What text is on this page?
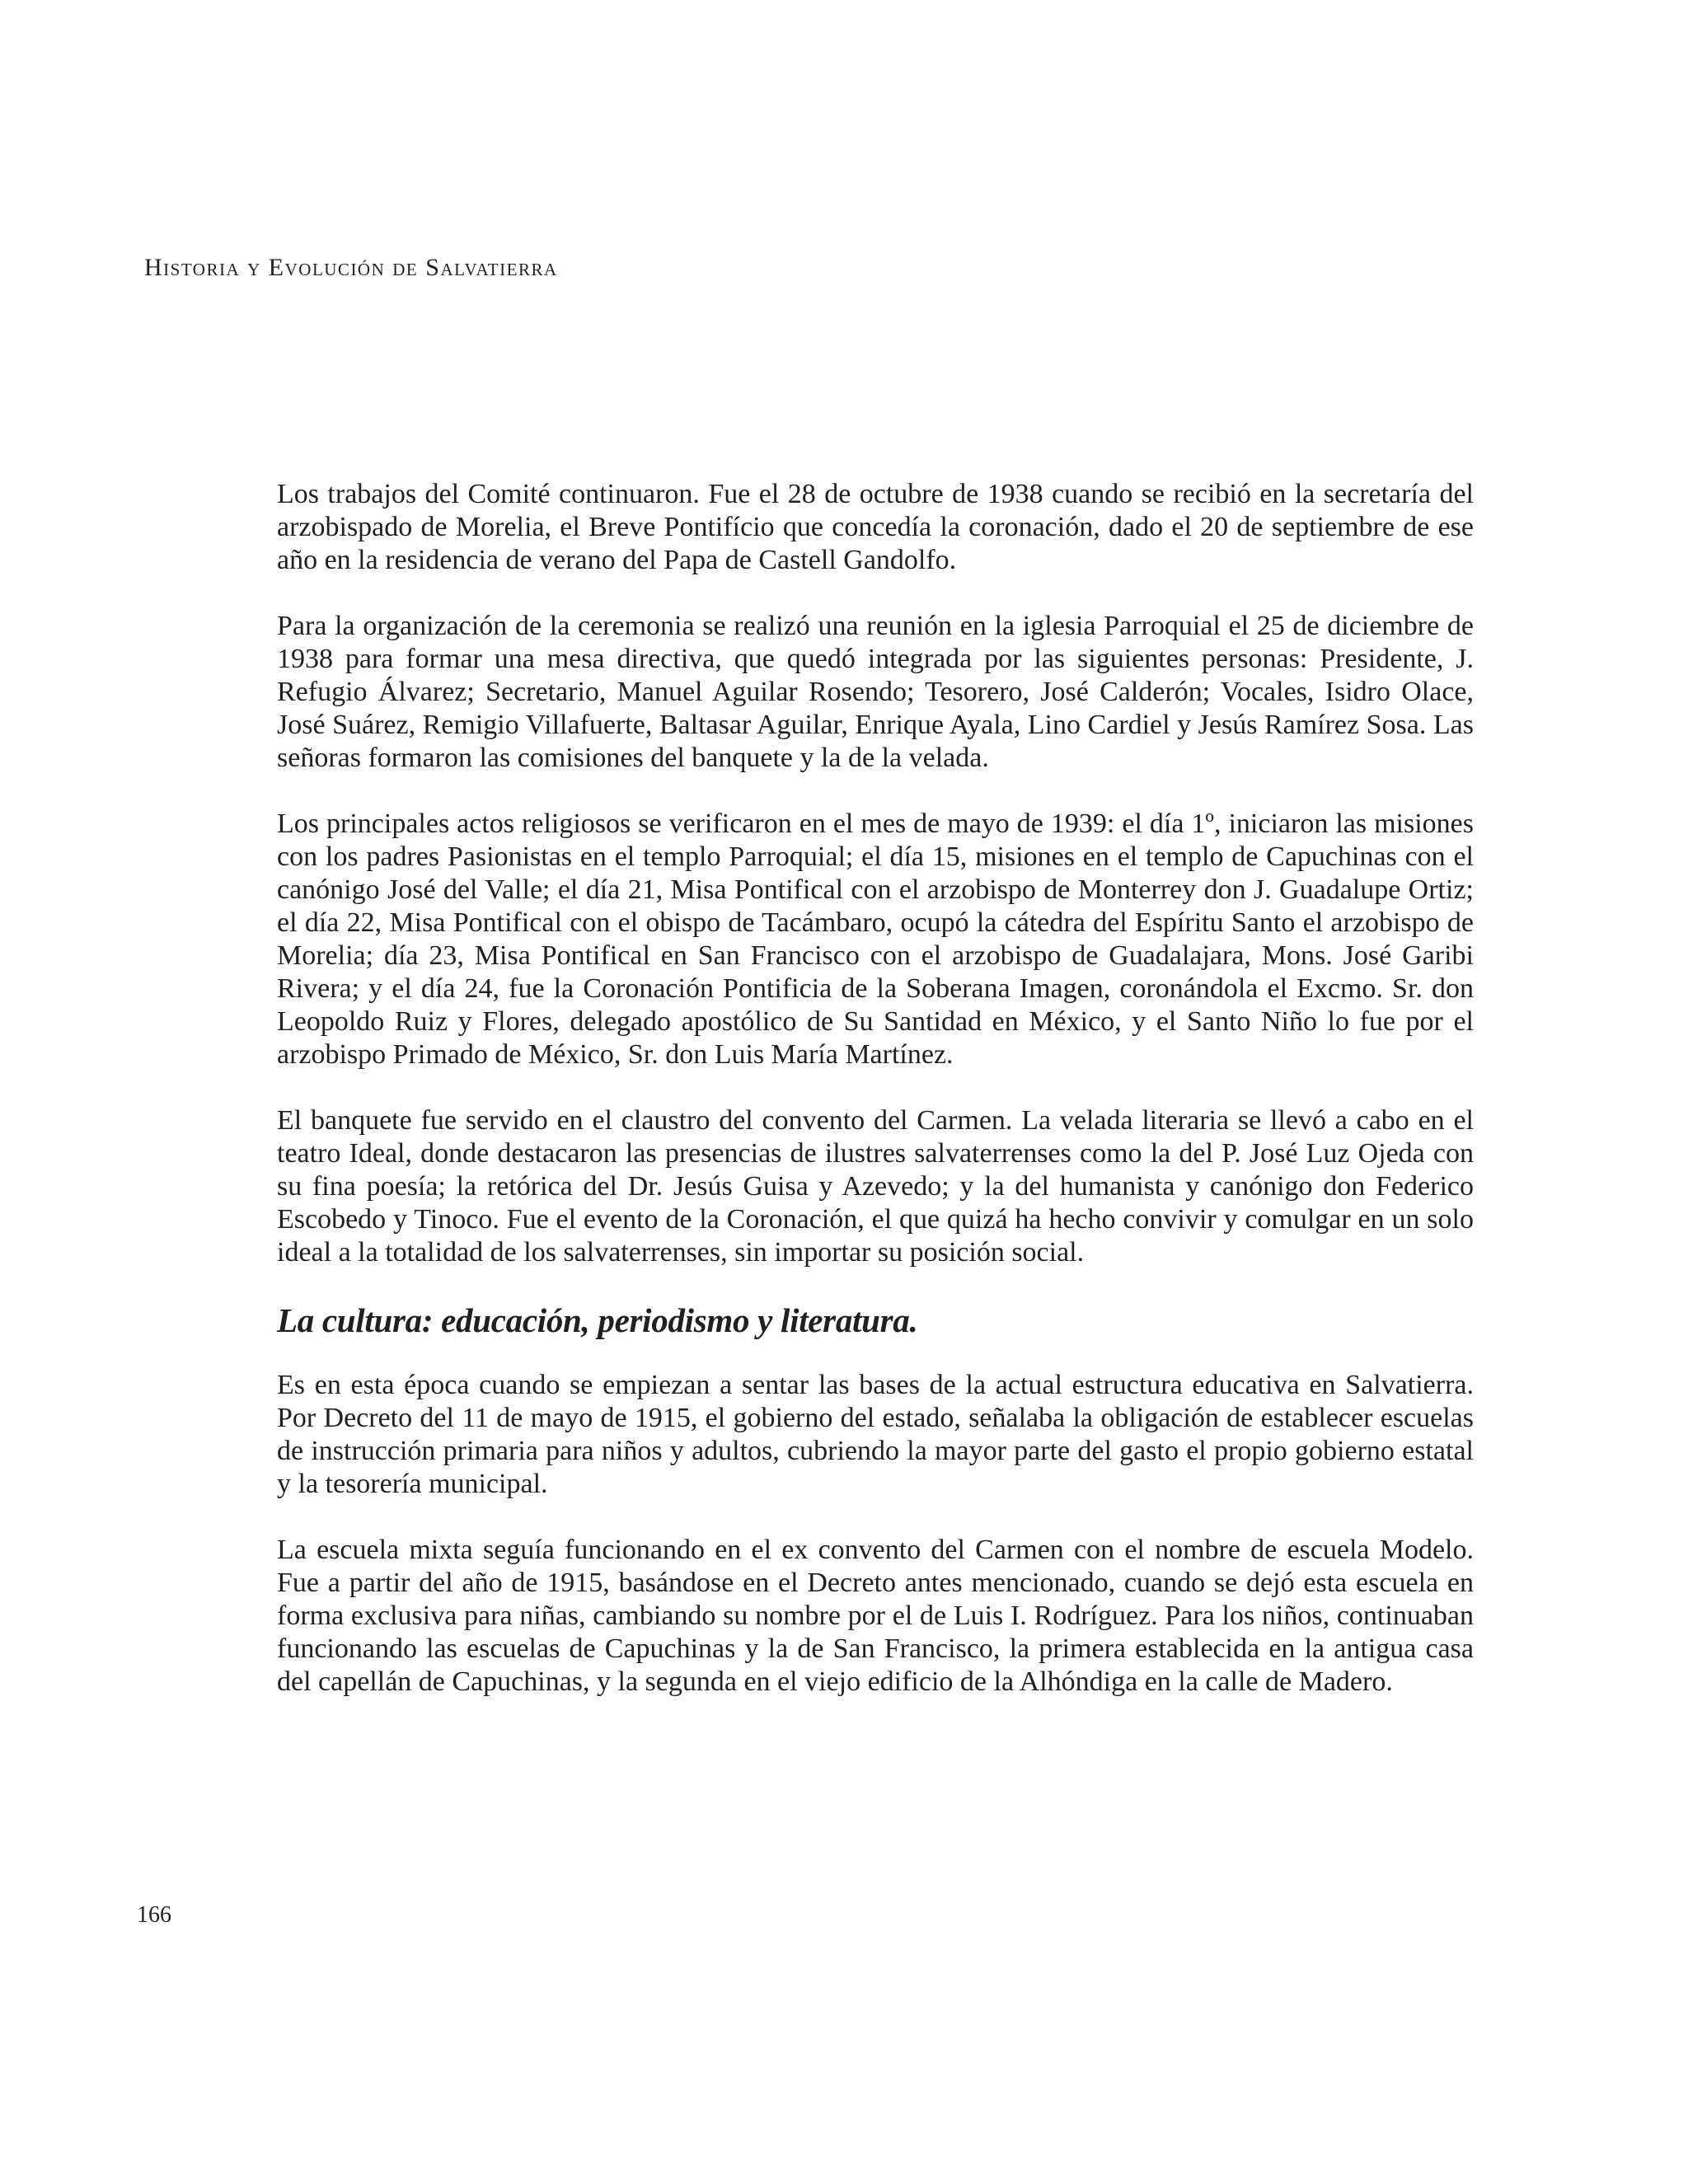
Historia y Evolución de Salvatierra

Los trabajos del Comité continuaron. Fue el 28 de octubre de 1938 cuando se recibió en la secretaría del arzobispado de Morelia, el Breve Pontifício que concedía la coronación, dado el 20 de septiembre de ese año en la residencia de verano del Papa de Castell Gandolfo.

Para la organización de la ceremonia se realizó una reunión en la iglesia Parroquial el 25 de diciembre de 1938 para formar una mesa directiva, que quedó integrada por las siguientes personas: Presidente, J. Refugio Álvarez; Secretario, Manuel Aguilar Rosendo; Tesorero, José Calderón; Vocales, Isidro Olace, José Suárez, Remigio Villafuerte, Baltasar Aguilar, Enrique Ayala, Lino Cardiel y Jesús Ramírez Sosa. Las señoras formaron las comisiones del banquete y la de la velada.

Los principales actos religiosos se verificaron en el mes de mayo de 1939: el día 1º, iniciaron las misiones con los padres Pasionistas en el templo Parroquial; el día 15, misiones en el templo de Capuchinas con el canónigo José del Valle; el día 21, Misa Pontifical con el arzobispo de Monterrey don J. Guadalupe Ortiz; el día 22, Misa Pontifical con el obispo de Tacámbaro, ocupó la cátedra del Espíritu Santo el arzobispo de Morelia; día 23, Misa Pontifical en San Francisco con el arzobispo de Guadalajara, Mons. José Garibi Rivera; y el día 24, fue la Coronación Pontificia de la Soberana Imagen, coronándola el Excmo. Sr. don Leopoldo Ruiz y Flores, delegado apostólico de Su Santidad en México, y el Santo Niño lo fue por el arzobispo Primado de México, Sr. don Luis María Martínez.

El banquete fue servido en el claustro del convento del Carmen. La velada literaria se llevó a cabo en el teatro Ideal, donde destacaron las presencias de ilustres salvaterrenses como la del P. José Luz Ojeda con su fina poesía; la retórica del Dr. Jesús Guisa y Azevedo; y la del humanista y canónigo don Federico Escobedo y Tinoco. Fue el evento de la Coronación, el que quizá ha hecho convivir y comulgar en un solo ideal a la totalidad de los salvaterrenses, sin importar su posición social.

La cultura: educación, periodismo y literatura.

Es en esta época cuando se empiezan a sentar las bases de la actual estructura educativa en Salvatierra. Por Decreto del 11 de mayo de 1915, el gobierno del estado, señalaba la obligación de establecer escuelas de instrucción primaria para niños y adultos, cubriendo la mayor parte del gasto el propio gobierno estatal y la tesorería municipal.

La escuela mixta seguía funcionando en el ex convento del Carmen con el nombre de escuela Modelo. Fue a partir del año de 1915, basándose en el Decreto antes mencionado, cuando se dejó esta escuela en forma exclusiva para niñas, cambiando su nombre por el de Luis I. Rodríguez. Para los niños, continuaban funcionando las escuelas de Capuchinas y la de San Francisco, la primera establecida en la antigua casa del capellán de Capuchinas, y la segunda en el viejo edificio de la Alhóndiga en la calle de Madero.

166
